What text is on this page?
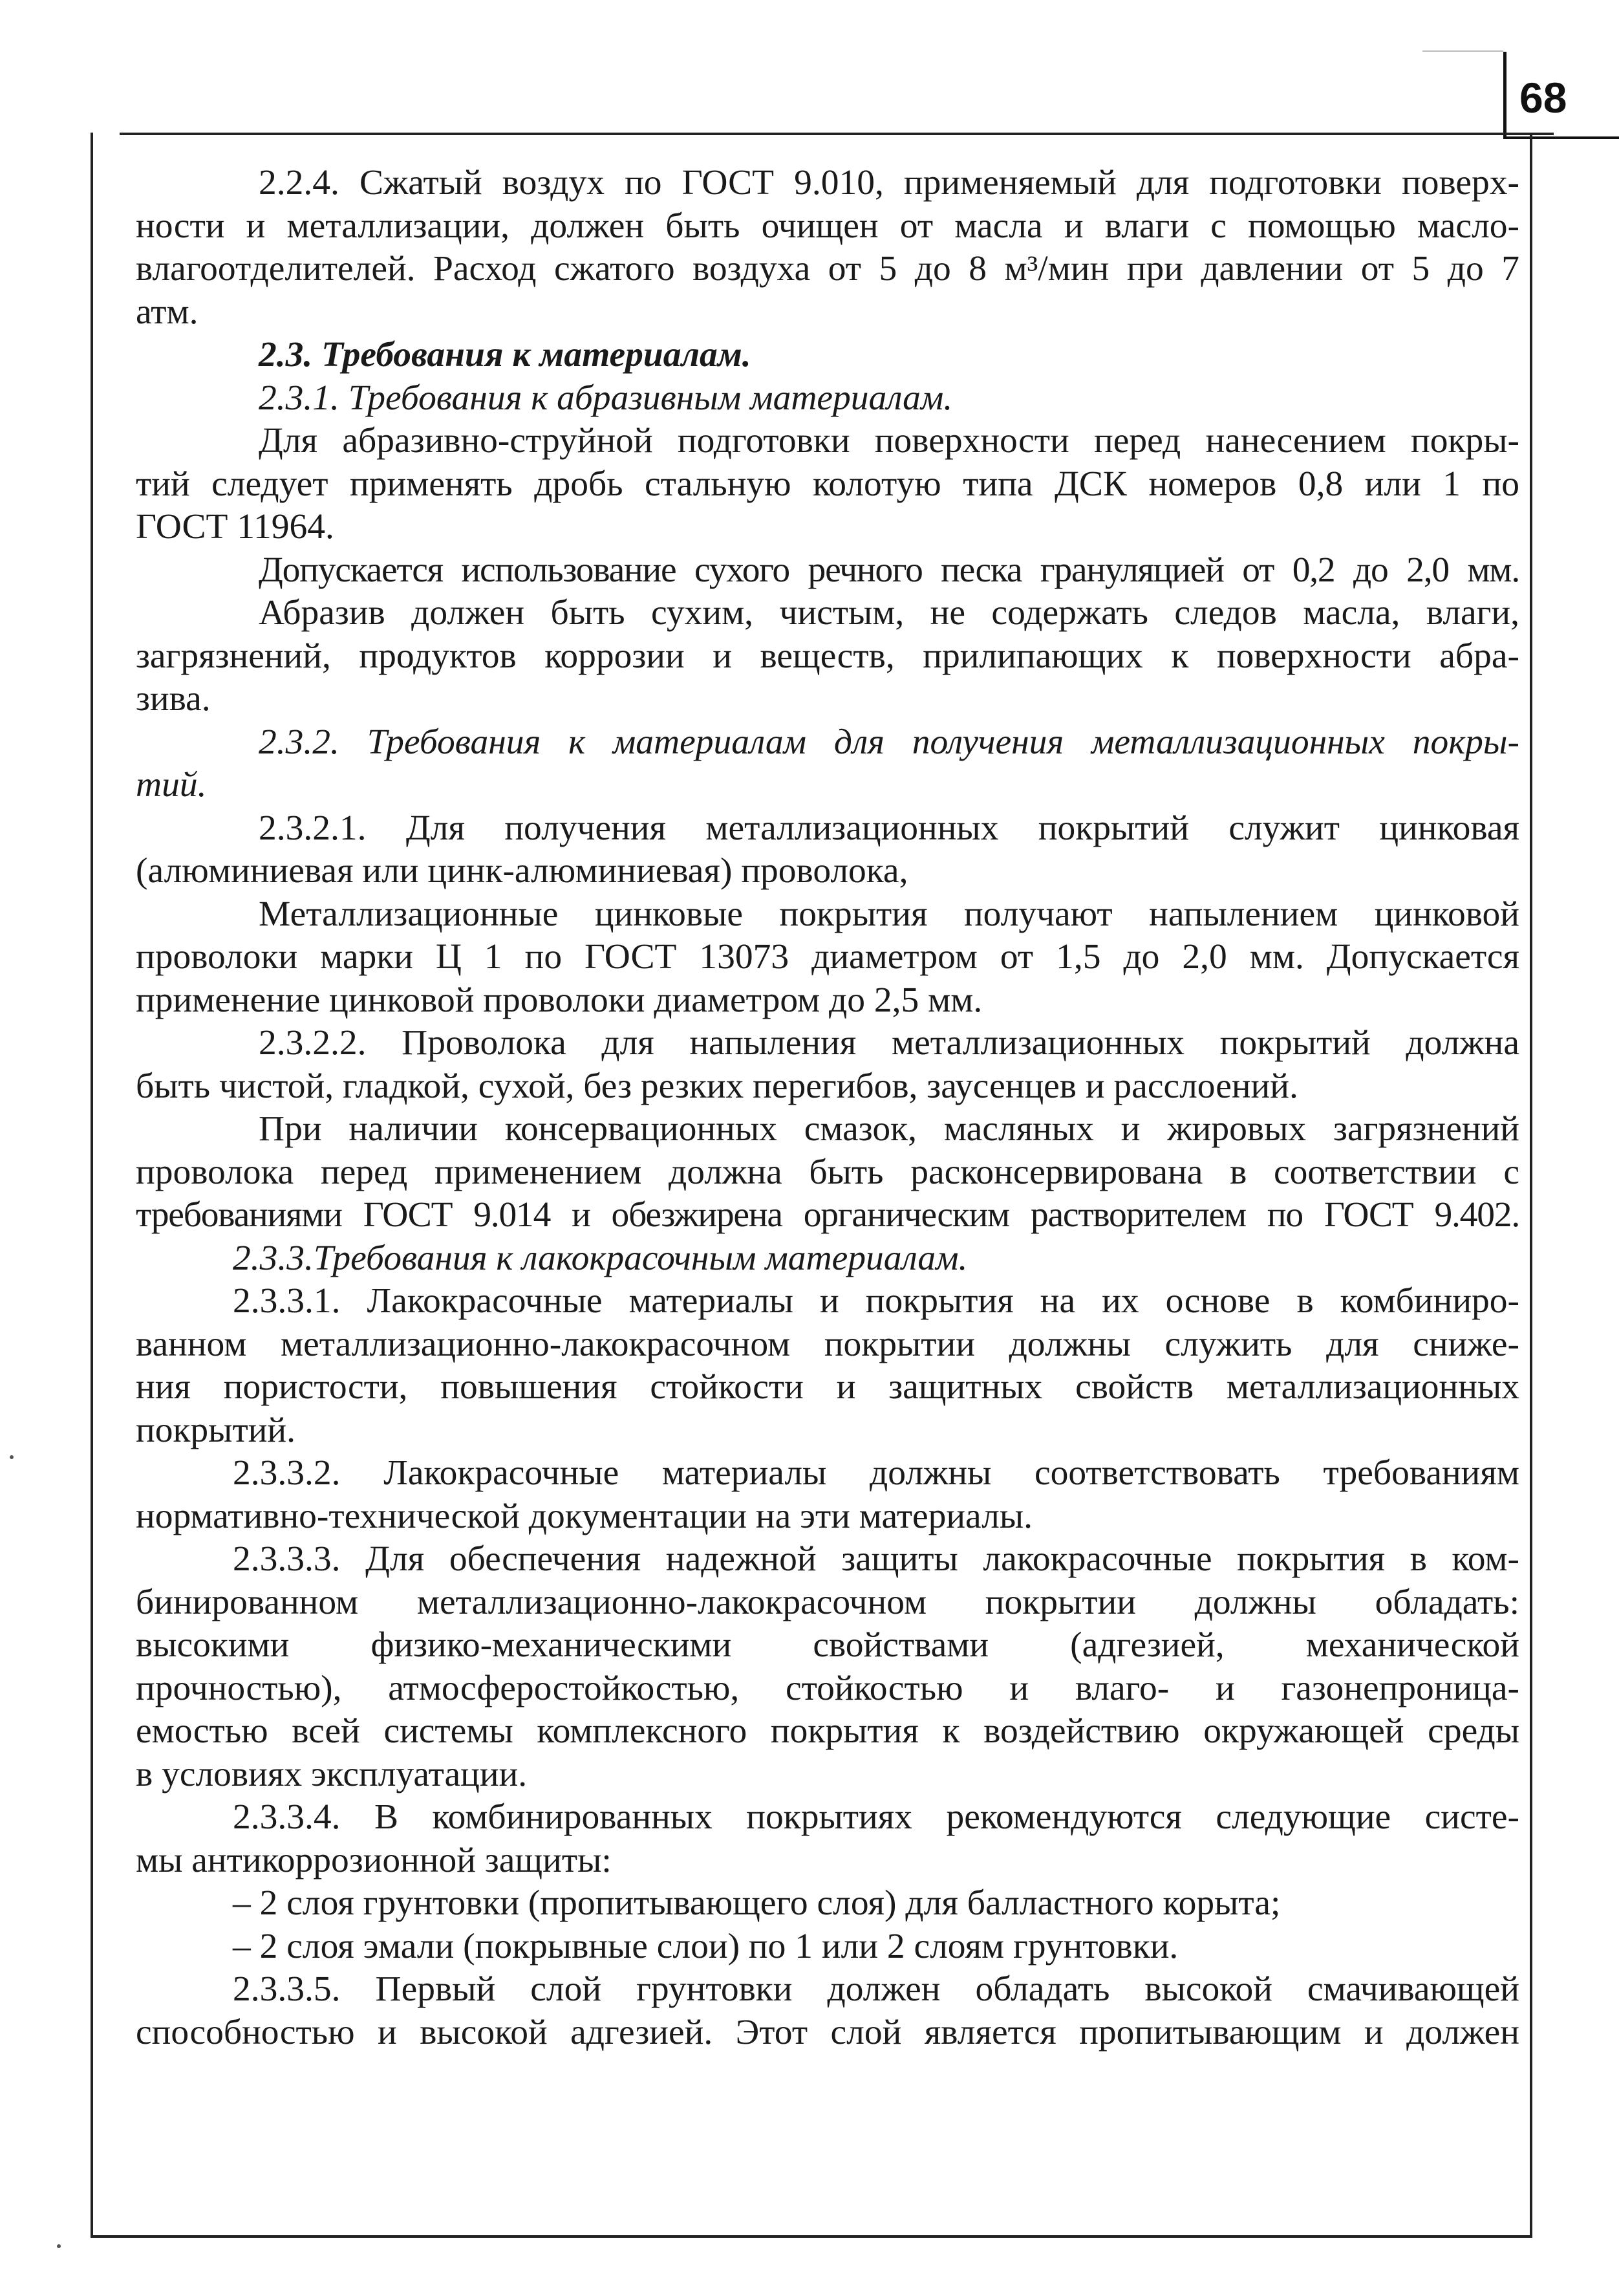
68
2.2.4. Сжатый воздух по ГОСТ 9.010, применяемый для подготовки поверх-
ности и металлизации, должен быть очищен от масла и влаги с помощью масло-
влагоотделителей. Расход сжатого воздуха от 5 до 8 м³/мин при давлении от 5 до 7
атм.
2.3. Требования к материалам.
2.3.1. Требования к абразивным материалам.
Для абразивно-струйной подготовки поверхности перед нанесением покры-
тий следует применять дробь стальную колотую типа ДСК номеров 0,8 или 1 по
ГОСТ 11964.
Допускается использование сухого речного песка грануляцией от 0,2 до 2,0 мм.
Абразив должен быть сухим, чистым, не содержать следов масла, влаги,
загрязнений, продуктов коррозии и веществ, прилипающих к поверхности абра-
зива.
2.3.2. Требования к материалам для получения металлизационных покры-
тий.
2.3.2.1. Для получения металлизационных покрытий служит цинковая
(алюминиевая или цинк-алюминиевая) проволока,
Металлизационные цинковые покрытия получают напылением цинковой
проволоки марки Ц 1 по ГОСТ 13073 диаметром от 1,5 до 2,0 мм. Допускается
применение цинковой проволоки диаметром до 2,5 мм.
2.3.2.2. Проволока для напыления металлизационных покрытий должна
быть чистой, гладкой, сухой, без резких перегибов, заусенцев и расслоений.
При наличии консервационных смазок, масляных и жировых загрязнений
проволока перед применением должна быть расконсервирована в соответствии с
требованиями ГОСТ 9.014 и обезжирена органическим растворителем по ГОСТ 9.402.
2.3.3.Требования к лакокрасочным материалам.
2.3.3.1. Лакокрасочные материалы и покрытия на их основе в комбиниро-
ванном металлизационно-лакокрасочном покрытии должны служить для сниже-
ния пористости, повышения стойкости и защитных свойств металлизационных
покрытий.
2.3.3.2. Лакокрасочные материалы должны соответствовать требованиям
нормативно-технической документации на эти материалы.
2.3.3.3. Для обеспечения надежной защиты лакокрасочные покрытия в ком-
бинированном металлизационно-лакокрасочном покрытии должны обладать:
высокими физико-механическими свойствами (адгезией, механической
прочностью), атмосферостойкостью, стойкостью и влаго- и газонепроница-
емостью всей системы комплексного покрытия к воздействию окружающей среды
в условиях эксплуатации.
2.3.3.4. В комбинированных покрытиях рекомендуются следующие систе-
мы антикоррозионной защиты:
– 2 слоя грунтовки (пропитывающего слоя) для балластного корыта;
– 2 слоя эмали (покрывные слои) по 1 или 2 слоям грунтовки.
2.3.3.5. Первый слой грунтовки должен обладать высокой смачивающей
способностью и высокой адгезией. Этот слой является пропитывающим и должен
